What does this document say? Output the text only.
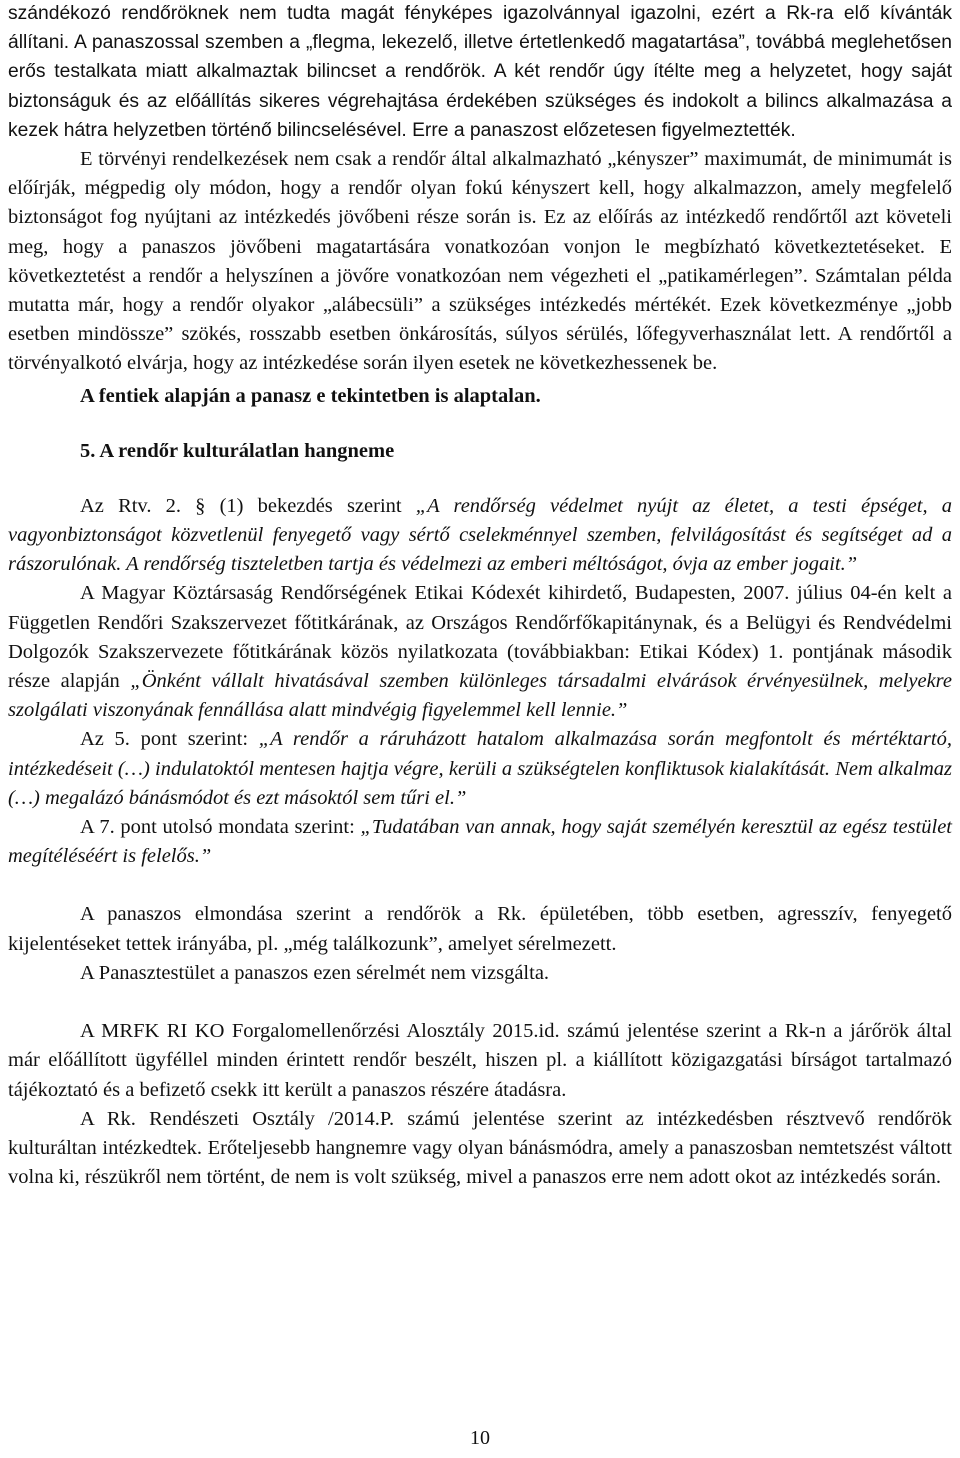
szándékozó rendőröknek nem tudta magát fényképes igazolvánnyal igazolni, ezért a Rk-ra elő kívánták állítani. A panaszossal szemben a „flegma, lekezelő, illetve értetlenkedő magatartása”, továbbá meglehetősen erős testalkata miatt alkalmaztak bilincset a rendőrök. A két rendőr úgy ítélte meg a helyzetet, hogy saját biztonságuk és az előállítás sikeres végrehajtása érdekében szükséges és indokolt a bilincs alkalmazása a kezek hátra helyzetben történő bilincselésével. Erre a panaszost előzetesen figyelmeztették.

E törvényi rendelkezések nem csak a rendőr által alkalmazható „kényszer” maximumát, de minimumát is előírják, mégpedig oly módon, hogy a rendőr olyan fokú kényszert kell, hogy alkalmazzon, amely megfelelő biztonságot fog nyújtani az intézkedés jövőbeni része során is. Ez az előírás az intézkedő rendőrtől azt követeli meg, hogy a panaszos jövőbeni magatartására vonatkozóan vonjon le megbízható következtetéseket. E következtetést a rendőr a helyszínen a jövőre vonatkozóan nem végezheti el „patikamérlegen”. Számtalan példa mutatta már, hogy a rendőr olyakor „alábecsüli” a szükséges intézkedés mértékét. Ezek következménye „jobb esetben mindössze” szökés, rosszabb esetben önkárosítás, súlyos sérülés, lőfegyverhasználat lett. A rendőrtől a törvényalkotó elvárja, hogy az intézkedése során ilyen esetek ne következhessenek be.

A fentiek alapján a panasz e tekintetben is alaptalan.

5. A rendőr kulturálatlan hangneme

Az Rtv. 2. § (1) bekezdés szerint „A rendőrség védelmet nyújt az életet, a testi épséget, a vagyonbiztonságot közvetlenül fenyegető vagy sértő cselekménnyel szemben, felvilágosítást és segítséget ad a rászorulónak. A rendőrség tiszteletben tartja és védelmezi az emberi méltóságot, óvja az ember jogait.”

A Magyar Köztársaság Rendőrségének Etikai Kódexét kihirdető, Budapesten, 2007. július 04-én kelt a Független Rendőri Szakszervezet főtitkárának, az Országos Rendőrfőkapitánynak, és a Belügyi és Rendvédelmi Dolgozók Szakszervezete főtitkárának közös nyilatkozata (továbbiakban: Etikai Kódex) 1. pontjának második része alapján „Önként vállalt hivatásával szemben különleges társadalmi elvárások érvényesülnek, melyekre szolgálati viszonyának fennállása alatt mindvégig figyelemmel kell lennie.”

Az 5. pont szerint: „A rendőr a ráruházott hatalom alkalmazása során megfontolt és mértéktartó, intézkedéseit (…) indulatoktól mentesen hajtja végre, kerüli a szükségtelen konfliktusok kialakítását. Nem alkalmaz (…) megalázó bánásmódot és ezt másoktól sem tűri el.”

A 7. pont utolsó mondata szerint: „Tudatában van annak, hogy saját személyén keresztül az egész testület megítéléséért is felelős.”

A panaszos elmondása szerint a rendőrök a Rk. épületében, több esetben, agresszív, fenyegető kijelentéseket tettek irányába, pl. „még találkozunk”, amelyet sérelmezett.

A Panasztestület a panaszos ezen sérelmét nem vizsgálta.

A MRFK RI KO Forgalomellenőrzési Alosztály 2015.id. számú jelentése szerint a Rk-n a járőrök által már előállított ügyféllel minden érintett rendőr beszélt, hiszen pl. a kiállított közigazgatási bírságot tartalmazó tájékoztató és a befizető csekk itt került a panaszos részére átadásra.

A Rk. Rendészeti Osztály /2014.P. számú jelentése szerint az intézkedésben résztvevő rendőrök kulturáltan intézkedtek. Erőteljesebb hangnemre vagy olyan bánásmódra, amely a panaszosban nemtetszést váltott volna ki, részükről nem történt, de nem is volt szükség, mivel a panaszos erre nem adott okot az intézkedés során.

10
